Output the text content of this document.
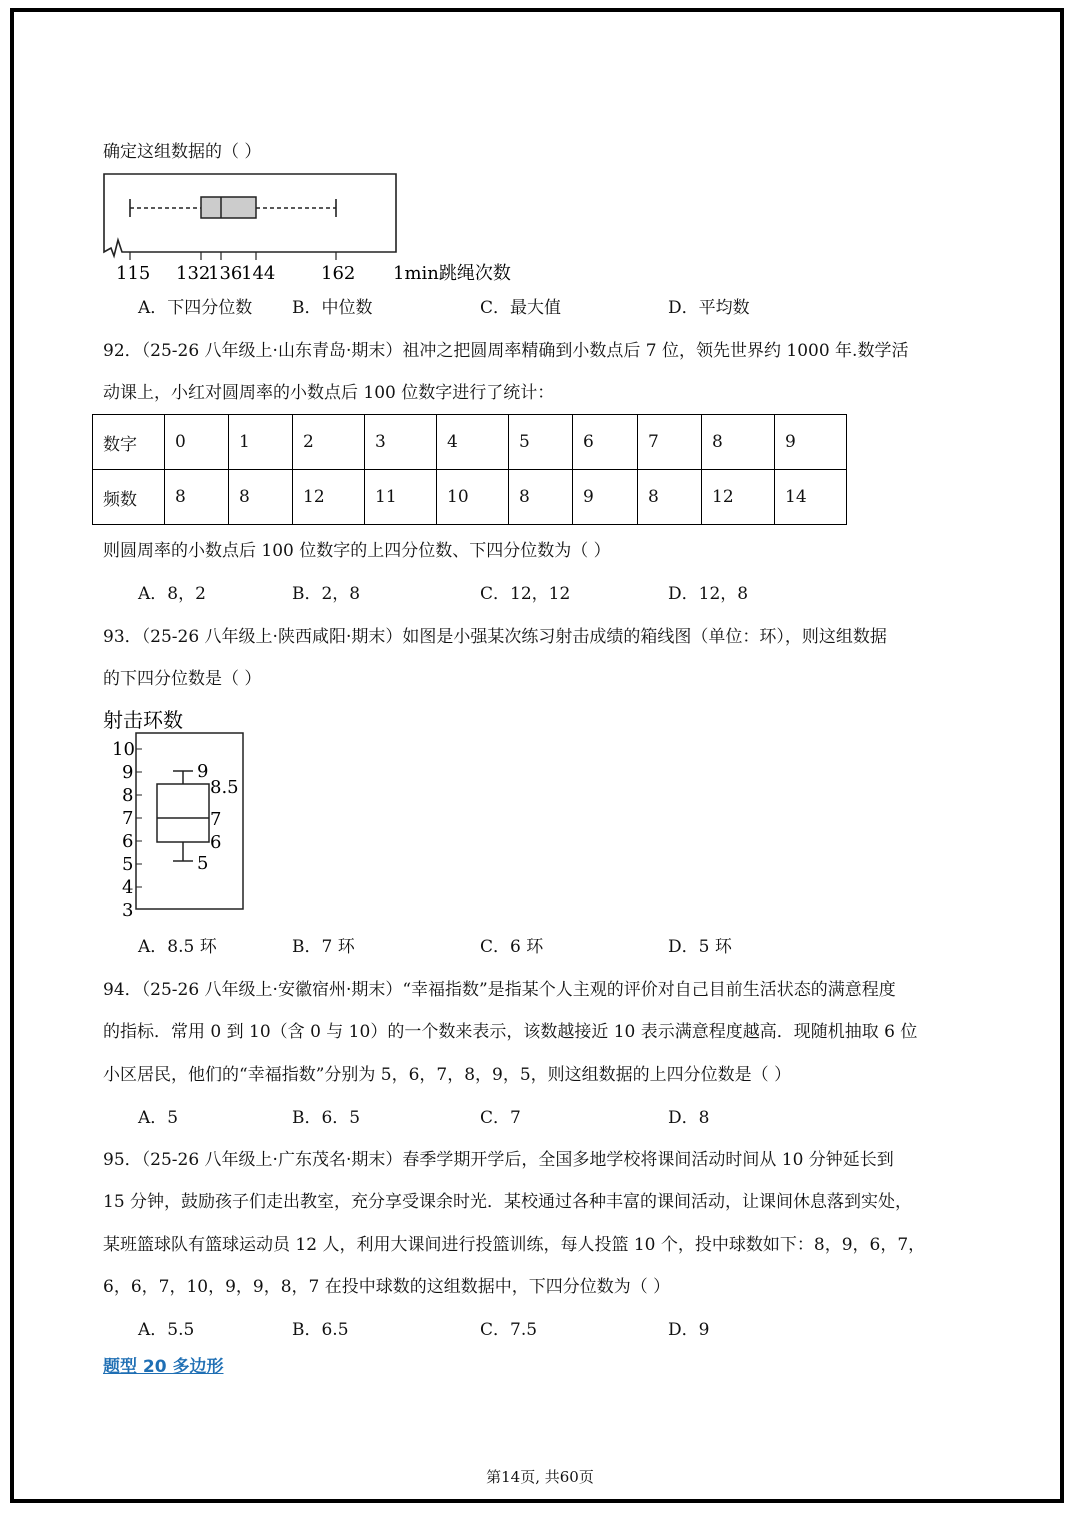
确定这组数据的（ ）
115 132
136
144	162 1min跳绳次数
A．下四分位数 B．中位数	C．最大值	D．平均数
92．（25-26 八年级上·山东青岛·期末）祖冲之把圆周率精确到小数点后 7 位，领先世界约 1000 年.数学活
动课上，小红对圆周率的小数点后 100 位数字进行了统计：
数字	0	1	2	3	4	5	6	7	8	9
频数	8	8	12	11	10	8	9	8	12	14
则圆周率的小数点后 100 位数字的上四分位数、下四分位数为（ ）
A．8，2	B．2，8	C．12，12	D．12，8
93．（25-26 八年级上·陕西咸阳·期末）如图是小强某次练习射击成绩的箱线图（单位：环），则这组数据
的下四分位数是（ ）
射击环数
10
9
8
7
6
5
4
3
9
8.5
7
6
5
A．8.5 环	B．7 环	C．6 环	D．5 环
94．（25-26 八年级上·安徽宿州·期末）“幸福指数”是指某个人主观的评价对自己目前生活状态的满意程度
的指标．常用 0 到 10（含 0 与 10）的一个数来表示，该数越接近 10 表示满意程度越高．现随机抽取 6 位
小区居民，他们的“幸福指数”分别为 5，6，7，8，9，5，则这组数据的上四分位数是（ ）
A．5	B．6．5	C．7	D．8
95．（25-26 八年级上·广东茂名·期末）春季学期开学后，全国多地学校将课间活动时间从 10 分钟延长到
15 分钟，鼓励孩子们走出教室，充分享受课余时光．某校通过各种丰富的课间活动，让课间休息落到实处，
某班篮球队有篮球运动员 12 人，利用大课间进行投篮训练，每人投篮 10 个，投中球数如下：8，9，6，7，
6，6，7，10，9，9，8，7 在投中球数的这组数据中，下四分位数为（ ）
A．5.5	B．6.5	C．7.5	D．9
题型 20 多边形
第14页, 共60页
